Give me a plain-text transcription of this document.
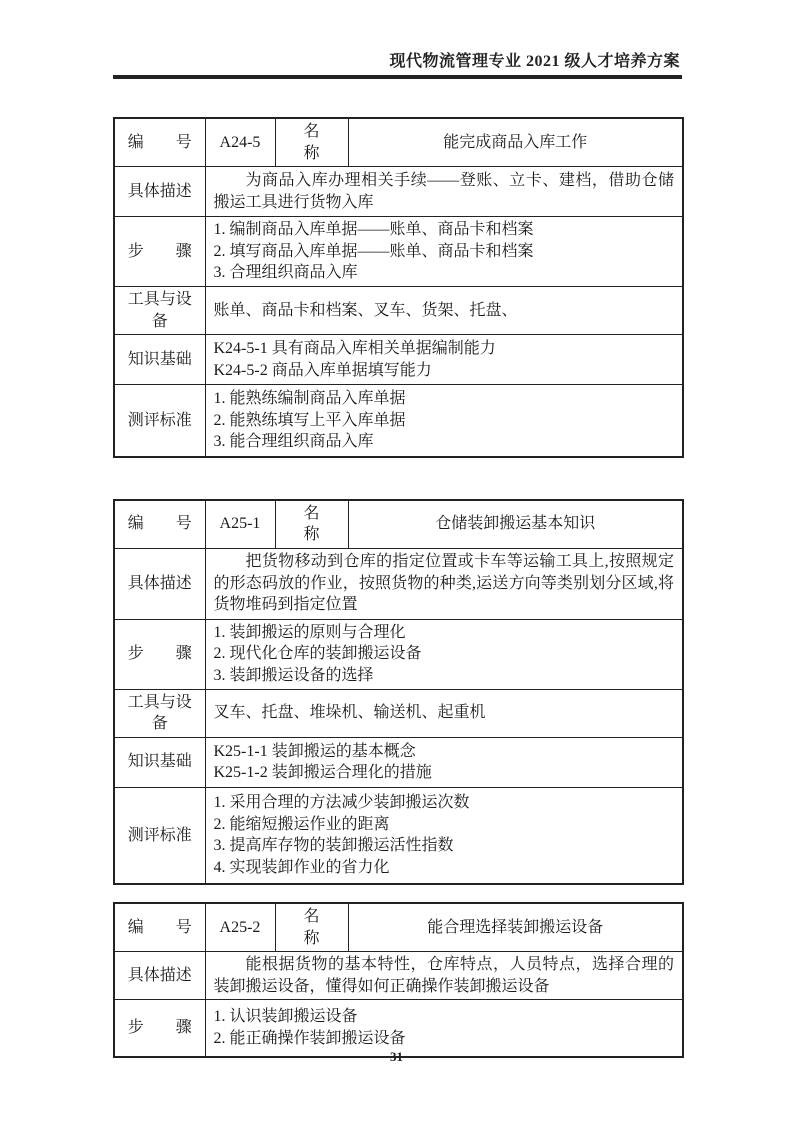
现代物流管理专业 2021 级人才培养方案
编　　号	A24-5	名　　称	能完成商品入库工作
具体描述	为商品入库办理相关手续——登账、立卡、建档，借助仓储搬运工具进行货物入库		
步　　骤	1. 编制商品入库单据——账单、商品卡和档案
2. 填写商品入库单据——账单、商品卡和档案
3. 合理组织商品入库		

工具与设备	账单、商品卡和档案、叉车、货架、托盘、		
知识基础	K24-5-1 具有商品入库相关单据编制能力
K24-5-2 商品入库单据填写能力		

测评标准	1. 能熟练编制商品入库单据
2. 能熟练填写上平入库单据
3. 能合理组织商品入库		
编　　号	A25-1	名　　称	仓储装卸搬运基本知识
具体描述	把货物移动到仓库的指定位置或卡车等运输工具上,按照规定的形态码放的作业，按照货物的种类,运送方向等类别划分区域,将货物堆码到指定位置		
步　　骤	1. 装卸搬运的原则与合理化
2. 现代化仓库的装卸搬运设备
3. 装卸搬运设备的选择		

工具与设备	叉车、托盘、堆垛机、输送机、起重机		
知识基础	K25-1-1 装卸搬运的基本概念
K25-1-2 装卸搬运合理化的措施		

测评标准	1. 采用合理的方法减少装卸搬运次数
2. 能缩短搬运作业的距离
3. 提高库存物的装卸搬运活性指数
4. 实现装卸作业的省力化		
编　　号	A25-2	名　　称	能合理选择装卸搬运设备
具体描述	能根据货物的基本特性，仓库特点，人员特点，选择合理的装卸搬运设备，懂得如何正确操作装卸搬运设备		
步　　骤	1. 认识装卸搬运设备
2. 能正确操作装卸搬运设备		
31
